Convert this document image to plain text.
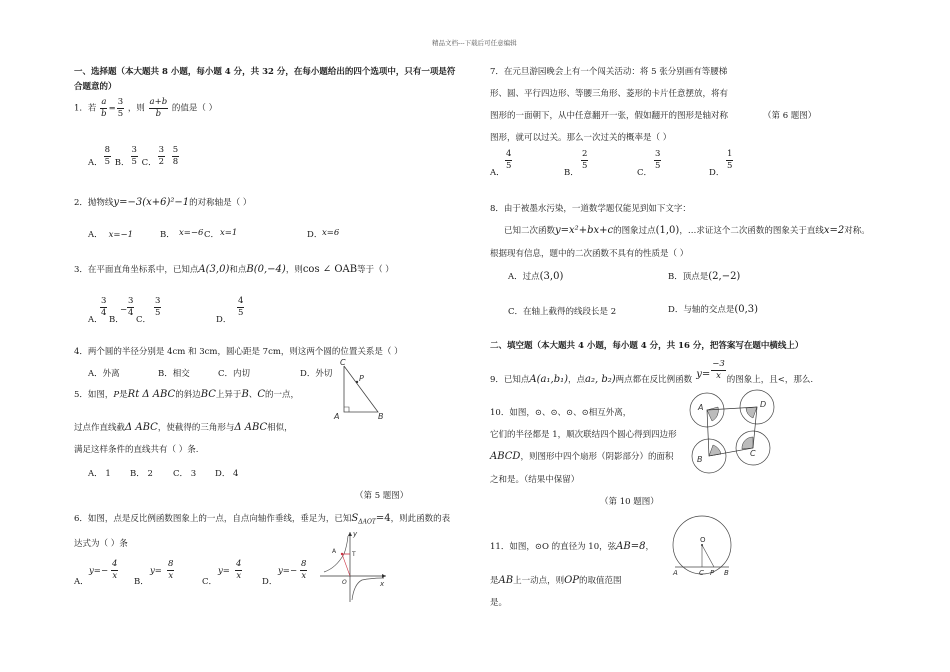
精品文档---下载后可任意编辑
一、选择题（本大题共 8 小题，每小题 4 分，共 32 分，在每小题给出的四个选项中，只有一项是符
合题意的）
1．若 $\frac{a}{b} = \frac{3}{5}$ ，则 $\frac{a+b}{b}$ 的值是（ ）
A． $\frac{8}{5}$ B． $\frac{3}{5}$ C． $\frac{3}{2}$
$\frac{5}{8}$
2．抛物线y=−3(x+6)²−1的对称轴是（ ）
A． x=−1	B． x=−6 C． x=1	D． x=6
3．在平面直角坐标系中，已知点A(3,0)和点B(0,−4)，则cos ∠ OAB等于（ ）
A．
$\frac{3}{4}$
B．
− $\frac{3}{4}$
C．
$\frac{3}{5}$
D．
$\frac{4}{5}$
4．两个圆的半径分别是 4cm 和 3cm，圆心距是 7cm，则这两个圆的位置关系是（ ）
A．外离	B．相交	C．内切	D．外切
5．如图，P是Rt Δ ABC的斜边BC上异于B、C的一点，
过点作直线截Δ ABC，使截得的三角形与Δ ABC相似，
满足这样条件的直线共有（ ）条.
A． 1 B． 2 C． 3 D． 4
（第 5 题图）
C
P
A	B
6．如图，点是反比例函数图象上的一点，自点向轴作垂线，垂足为，已知$S_{\Delta AOT}=4$，则此函数的表
达式为（ ）条
A．
$y=- \frac{4}{x}$
B．
$y= \frac{8}{x}$
C．
$y= \frac{4}{x}$
D．
$y=- \frac{8}{x}$
y
x
A	T
O
7．在元旦游园晚会上有一个闯关活动：将 5 张分别画有等腰梯
形、圆、平行四边形、等腰三角形、菱形的卡片任意摆放，将有
图形的一面朝下，从中任意翻开一张，假如翻开的图形是轴对称	（第 6 题图）
图形，就可以过关。那么一次过关的概率是（ ）
A．
$\frac{4}{5}$
B．
$\frac{2}{5}$
C．
$\frac{3}{5}$
D．
$\frac{1}{5}$
8．由于被墨水污染，一道数学题仅能见到如下文字：
已知二次函数y=x²+bx+c的图象过点(1,0)，…求证这个二次函数的图象关于直线x=2对称。
根据现有信息，题中的二次函数不具有的性质是（ ）
A．过点(3,0)	B．顶点是(2,−2)
C．在轴上截得的线段长是 2	D．与轴的交点是(0,3)
二、填空题（本大题共 4 小题，每小题 4 分，共 16 分，把答案写在题中横线上）
9．已知点A(a₁,b₁)，点a₂, b₂)两点都在反比例函数 $y= \frac{-3}{x}$ 的图象上，且<，那么.
10．如图，⊙、⊙、⊙、⊙相互外离，
它们的半径都是 1，顺次联结四个圆心得到四边形
ABCD，则图形中四个扇形（阴影部分）的面积
之和是。（结果中保留）
（第 10 题图）
A	D
B
C
11．如图，⊙O 的直径为 10，弦AB=8，
是AB上一动点，则OP的取值范围
是。
O
A	C P B
